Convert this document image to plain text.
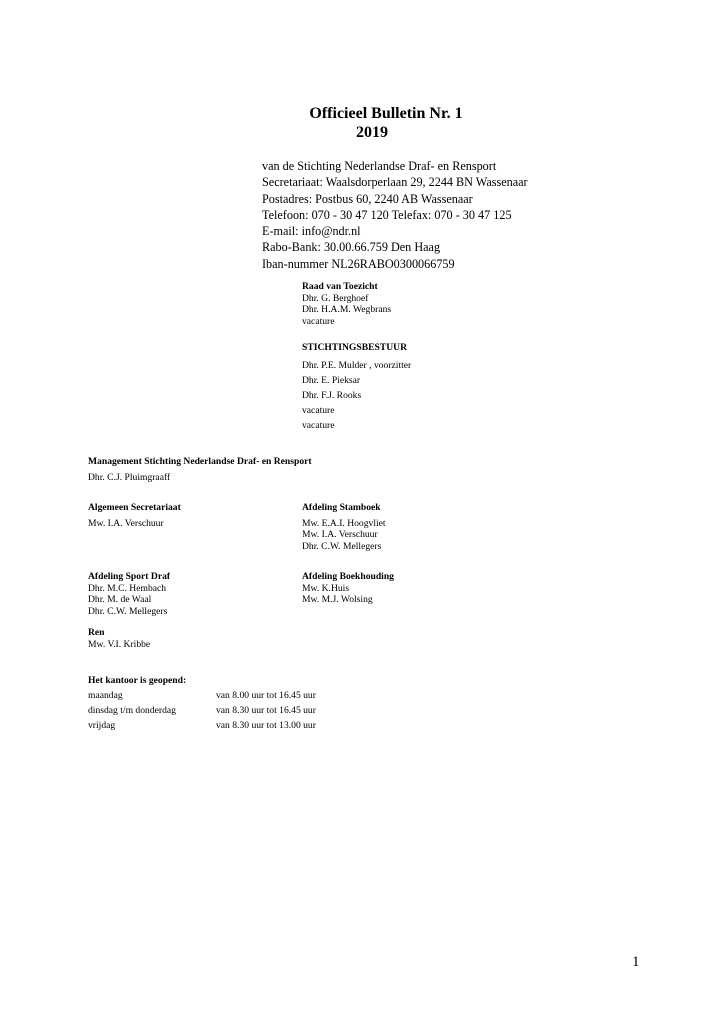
Officieel Bulletin Nr. 1
2019
van de Stichting Nederlandse Draf- en Rensport
Secretariaat: Waalsdorperlaan 29, 2244 BN Wassenaar
Postadres: Postbus 60, 2240 AB Wassenaar
Telefoon: 070 - 30 47 120 Telefax: 070 - 30 47 125
E-mail: info@ndr.nl
Rabo-Bank: 30.00.66.759 Den Haag
Iban-nummer NL26RABO0300066759
Raad van Toezicht
Dhr. G. Berghoef
Dhr. H.A.M. Wegbrans
vacature
STICHTINGSBESTUUR
Dhr. P.E. Mulder , voorzitter
Dhr. E. Pieksar
Dhr. F.J. Rooks
vacature
vacature
Management Stichting Nederlandse Draf- en Rensport
Dhr. C.J. Pluimgraaff
Algemeen Secretariaat
Mw. I.A. Verschuur
Afdeling Stamboek
Mw. E.A.I. Hoogvliet
Mw. I.A. Verschuur
Dhr. C.W. Mellegers
Afdeling Sport Draf
Dhr. M.C. Hembach
Dhr. M. de Waal
Dhr. C.W. Mellegers
Afdeling Boekhouding
Mw. K.Huis
Mw. M.J. Wolsing
Ren
Mw. V.I. Kribbe
Het kantoor is geopend:
maandag	van 8.00 uur tot 16.45 uur
dinsdag t/m donderdag	van 8.30 uur tot 16.45 uur
vrijdag	van 8.30 uur tot 13.00 uur
1
